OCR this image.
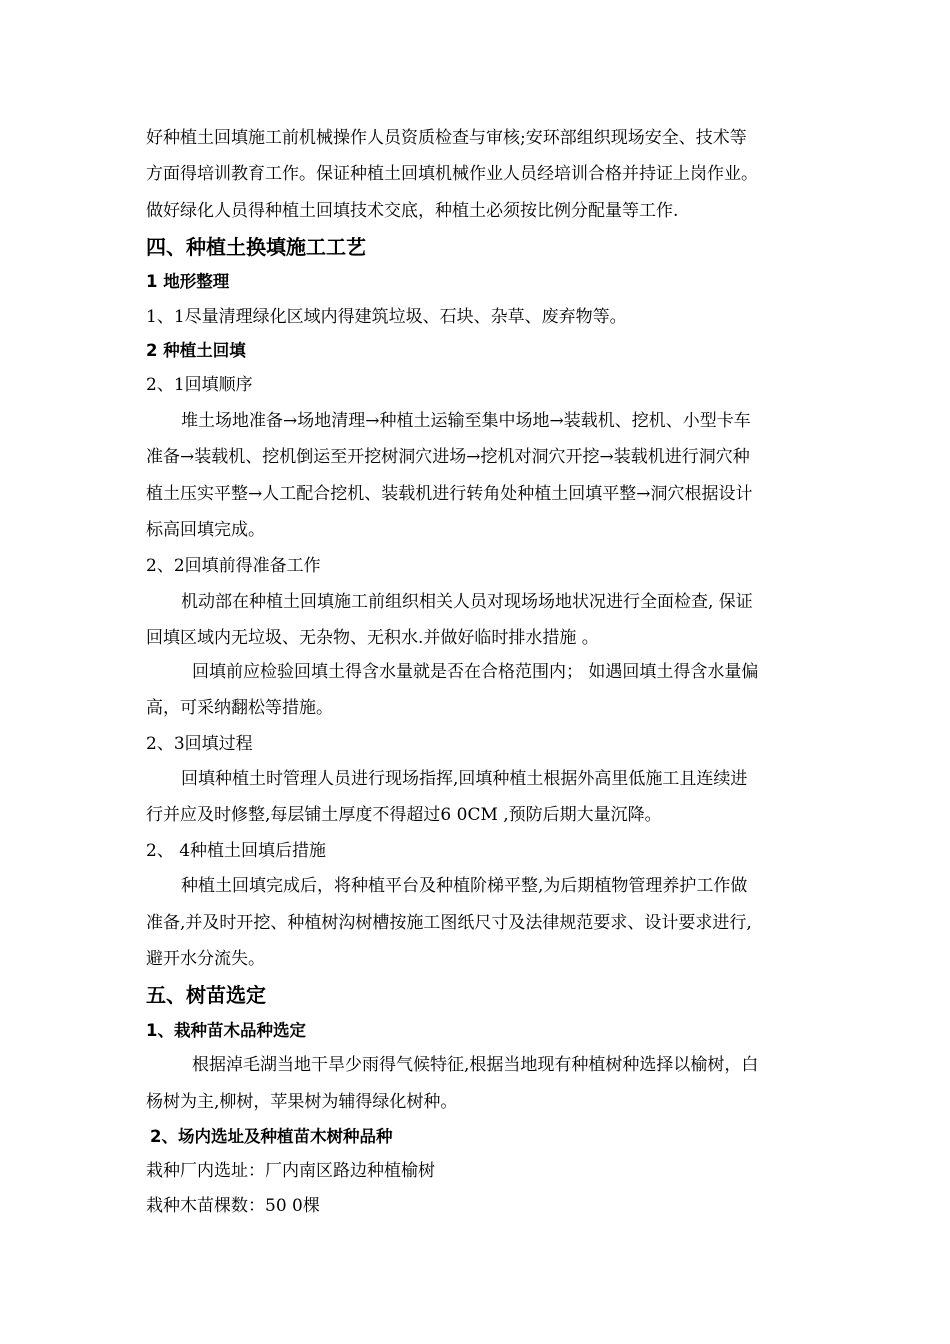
好种植土回填施工前机械操作人员资质检查与审核;安环部组织现场安全、技术等
方面得培训教育工作。保证种植土回填机械作业人员经培训合格并持证上岗作业。
做好绿化人员得种植土回填技术交底，种植土必须按比例分配量等工作.
四、种植土换填施工工艺
1 地形整理
1、1尽量清理绿化区域内得建筑垃圾、石块、杂草、废弃物等。
2 种植土回填
2、1回填顺序
堆土场地准备→场地清理→种植土运输至集中场地→装载机、挖机、小型卡车
准备→装载机、挖机倒运至开挖树洞穴进场→挖机对洞穴开挖→装载机进行洞穴种
植土压实平整→人工配合挖机、装载机进行转角处种植土回填平整→洞穴根据设计
标高回填完成。
2、2回填前得准备工作
机动部在种植土回填施工前组织相关人员对现场场地状况进行全面检查, 保证
回填区域内无垃圾、无杂物、无积水.并做好临时排水措施 。
回填前应检验回填土得含水量就是否在合格范围内； 如遇回填土得含水量偏
高，可采纳翻松等措施。
2、3回填过程
回填种植土时管理人员进行现场指挥,回填种植土根据外高里低施工且连续进
行并应及时修整,每层铺土厚度不得超过6 0CM ,预防后期大量沉降。
2、 4种植土回填后措施
种植土回填完成后，将种植平台及种植阶梯平整,为后期植物管理养护工作做
准备,并及时开挖、种植树沟树槽按施工图纸尺寸及法律规范要求、设计要求进行,
避开水分流失。
五、树苗选定
1、栽种苗木品种选定
根据淖毛湖当地干旱少雨得气候特征,根据当地现有种植树种选择以榆树，白
杨树为主,柳树，苹果树为辅得绿化树种。
2、场内选址及种植苗木树种品种
栽种厂内选址：厂内南区路边种植榆树
栽种木苗棵数：50 0棵
